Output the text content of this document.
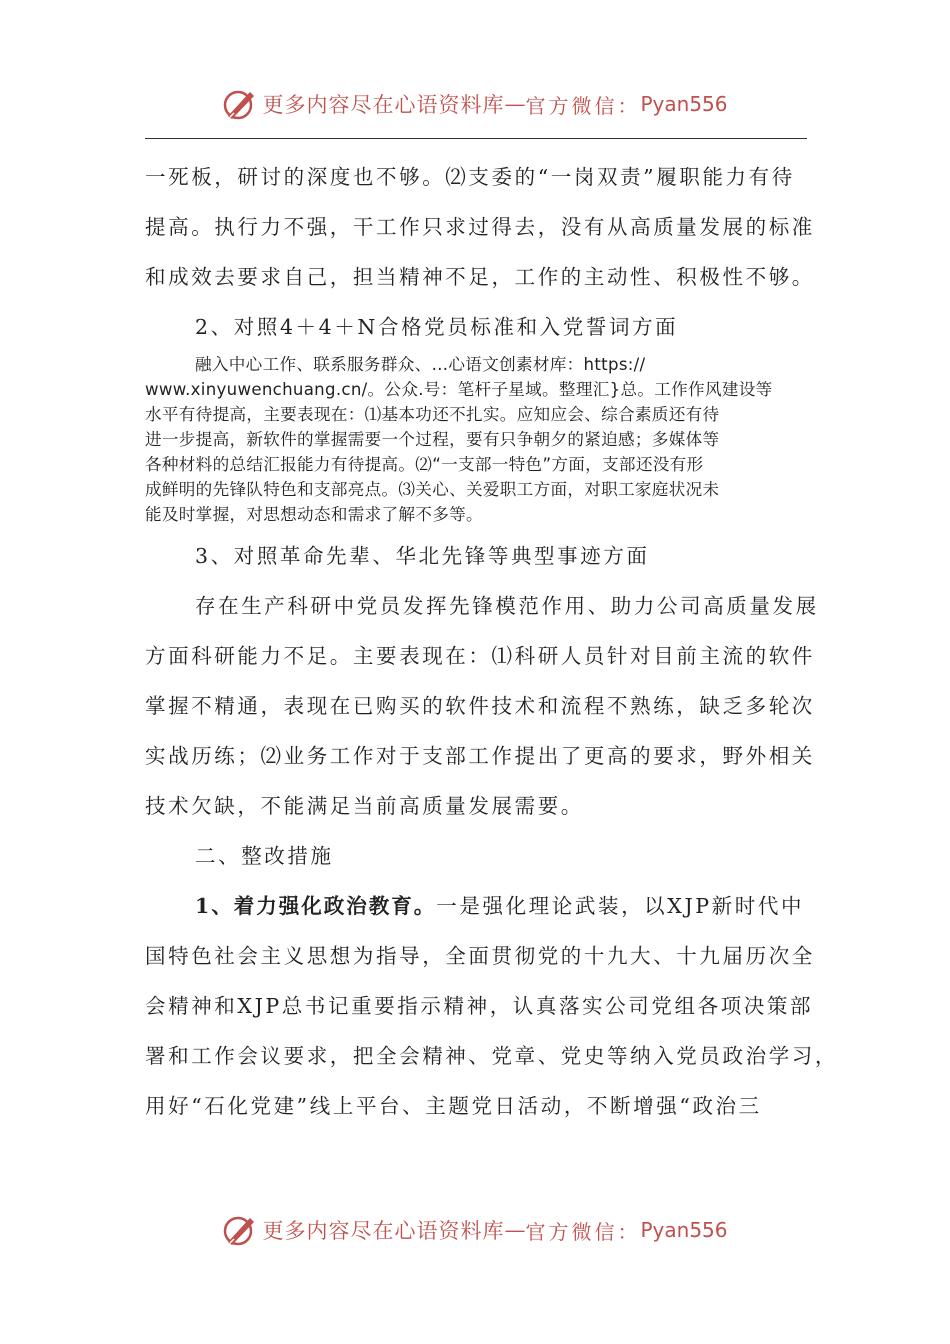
更多内容尽在心语资料库 — 官方微信： Pyan556

一死板，研讨的深度也不够。⑵支委的“一岗双责”履职能力有待

提高。执行力不强，干工作只求过得去，没有从高质量发展的标准

和成效去要求自己，担当精神不足，工作的主动性、积极性不够。

2、对照4＋4＋N合格党员标准和入党誓词方面

融入中心工作、联系服务群众、…心语文创素材库：https://

www.xinyuwenchuang.cn/。公众.号：笔杆子星域。整理汇}总。工作作风建设等

水平有待提高，主要表现在：⑴基本功还不扎实。应知应会、综合素质还有待

进一步提高，新软件的掌握需要一个过程，要有只争朝夕的紧迫感；多媒体等

各种材料的总结汇报能力有待提高。⑵“一支部一特色”方面，支部还没有形

成鲜明的先锋队特色和支部亮点。⑶关心、关爱职工方面，对职工家庭状况未

能及时掌握，对思想动态和需求了解不多等。

3、对照革命先辈、华北先锋等典型事迹方面

存在生产科研中党员发挥先锋模范作用、助力公司高质量发展

方面科研能力不足。主要表现在：⑴科研人员针对目前主流的软件

掌握不精通，表现在已购买的软件技术和流程不熟练，缺乏多轮次

实战历练；⑵业务工作对于支部工作提出了更高的要求，野外相关

技术欠缺，不能满足当前高质量发展需要。

二、整改措施

1、着力强化政治教育。一是强化理论武装，以XJP新时代中

国特色社会主义思想为指导，全面贯彻党的十九大、十九届历次全

会精神和XJP总书记重要指示精神，认真落实公司党组各项决策部

署和工作会议要求，把全会精神、党章、党史等纳入党员政治学习，

用好“石化党建”线上平台、主题党日活动，不断增强“政治三

更多内容尽在心语资料库 — 官方微信： Pyan556
